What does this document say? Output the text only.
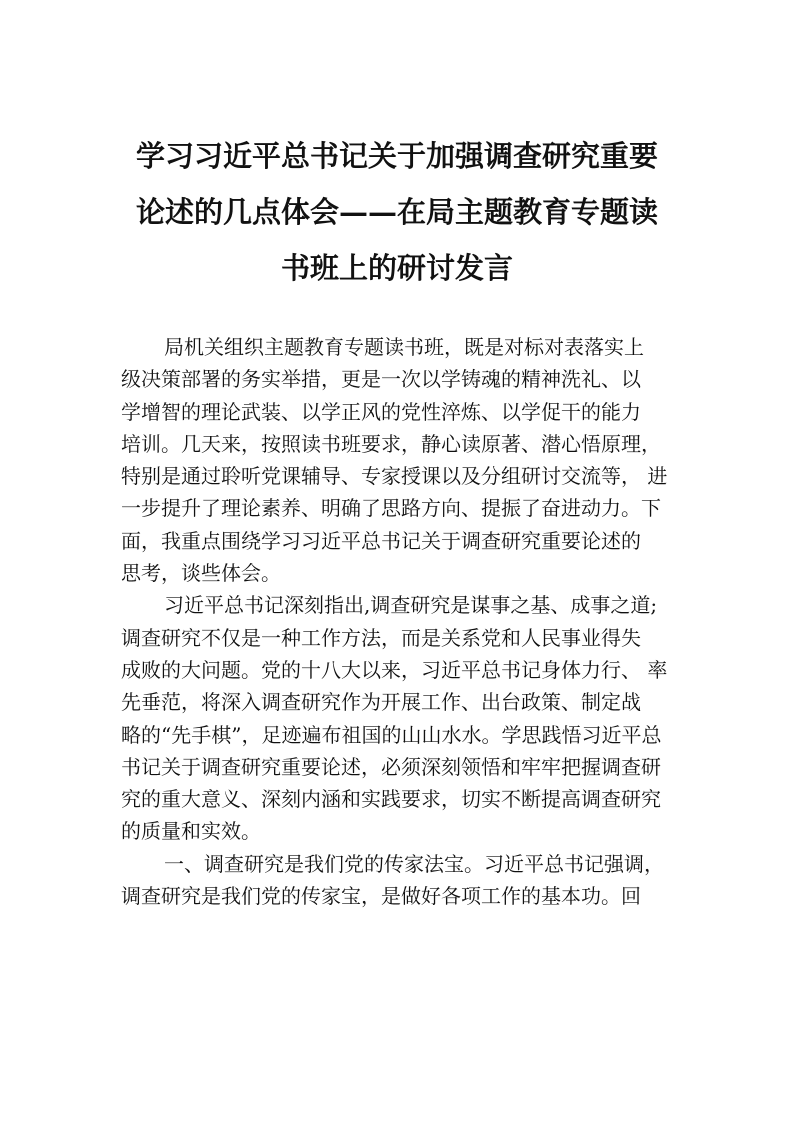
学习习近平总书记关于加强调查研究重要
论述的几点体会——在局主题教育专题读
书班上的研讨发言
局机关组织主题教育专题读书班，既是对标对表落实上
级决策部署的务实举措，更是一次以学铸魂的精神洗礼、以
学增智的理论武装、以学正风的党性淬炼、以学促干的能力
培训。几天来，按照读书班要求，静心读原著、潜心悟原理，
特别是通过聆听党课辅导、专家授课以及分组研讨交流等， 进
一步提升了理论素养、明确了思路方向、提振了奋进动力。下
面，我重点围绕学习习近平总书记关于调查研究重要论述的
思考，谈些体会。
习近平总书记深刻指出,调查研究是谋事之基、成事之道;
调查研究不仅是一种工作方法，而是关系党和人民事业得失
成败的大问题。党的十八大以来，习近平总书记身体力行、 率
先垂范，将深入调查研究作为开展工作、出台政策、制定战
略的“先手棋”，足迹遍布祖国的山山水水。学思践悟习近平总
书记关于调查研究重要论述，必须深刻领悟和牢牢把握调查研
究的重大意义、深刻内涵和实践要求，切实不断提高调查研究
的质量和实效。
一、调查研究是我们党的传家法宝。习近平总书记强调，
调查研究是我们党的传家宝，是做好各项工作的基本功。回
